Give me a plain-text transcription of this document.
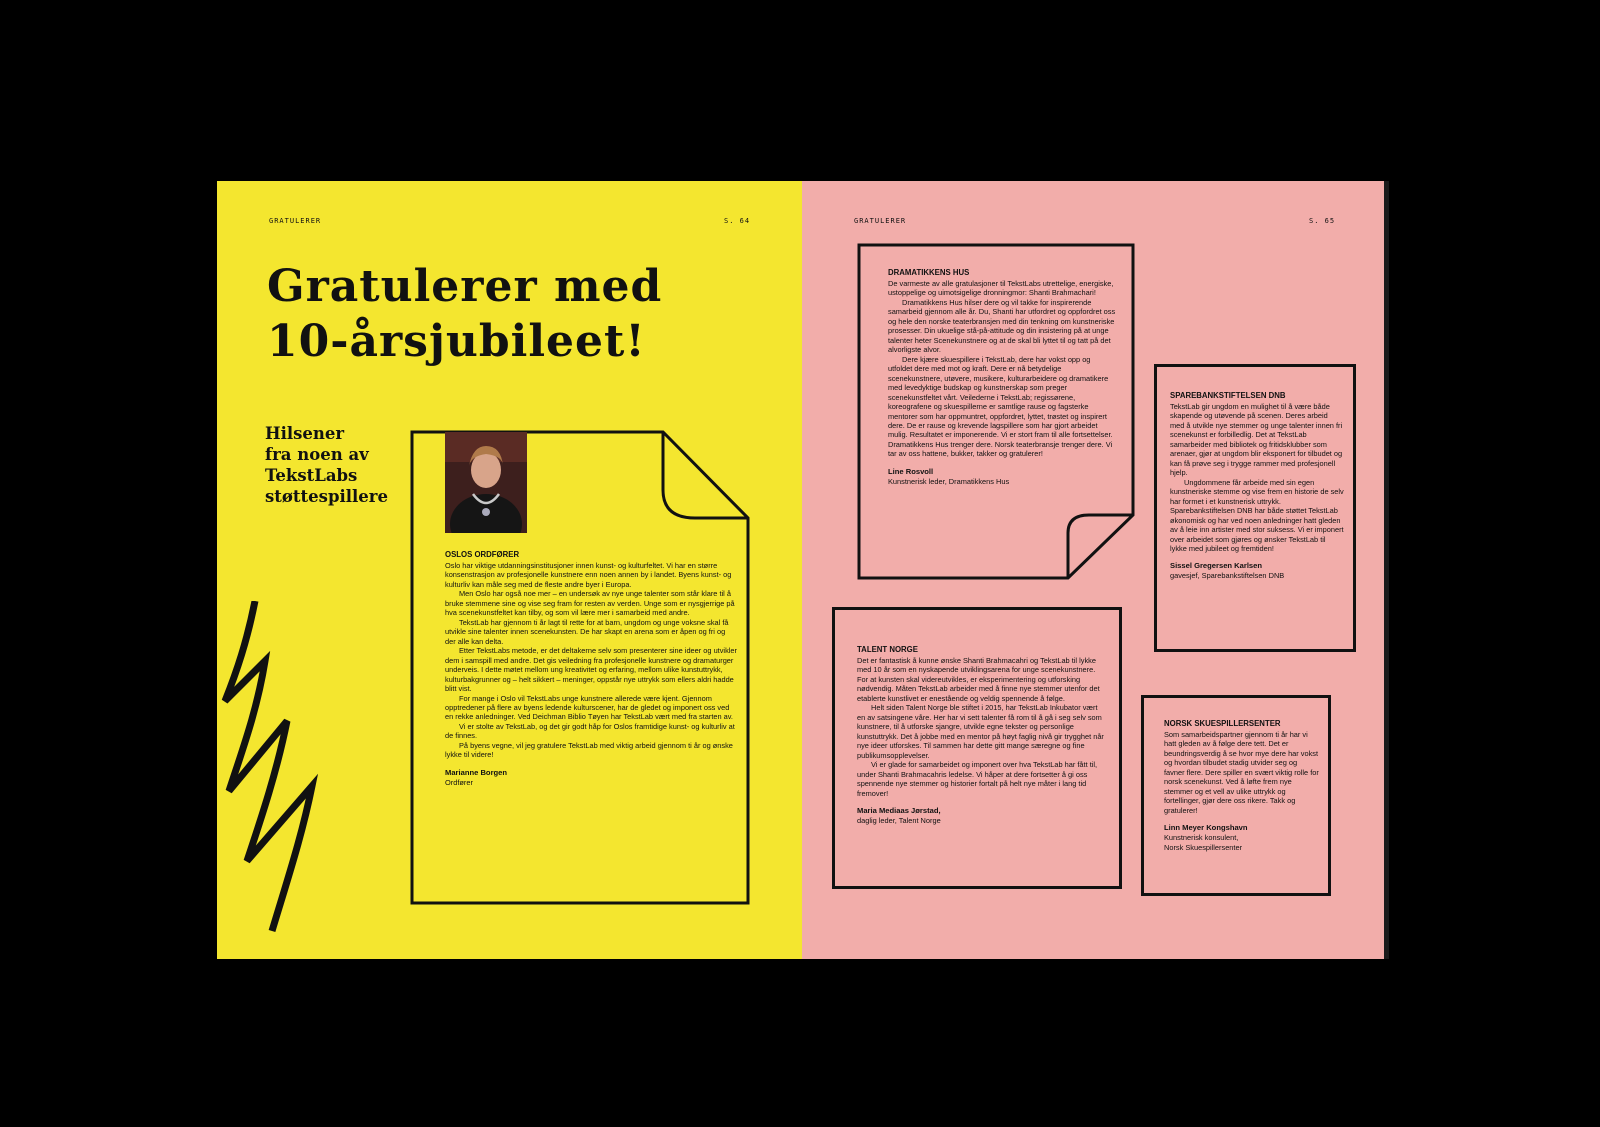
GRATULERER	S. 64
Gratulerer med
10-årsjubileet!
Hilsener
fra noen av
TekstLabs
støttespillere
OSLOS ORDFØRER

Oslo har viktige utdanningsinstitusjoner innen kunst- og kulturfeltet. Vi har en større konsenstrasjon av profesjonelle kunstnere enn noen annen by i landet. Byens kunst- og kulturliv kan måle seg med de fleste andre byer i Europa.

Men Oslo har også noe mer – en undersøk av nye unge talenter som står klare til å bruke stemmene sine og vise seg fram for resten av verden. Unge som er nysgjerrige på hva scenekunstfeltet kan tilby, og som vil lære mer i samarbeid med andre.

TekstLab har gjennom ti år lagt til rette for at barn, ungdom og unge voksne skal få utvikle sine talenter innen scenekunsten. De har skapt en arena som er åpen og fri og der alle kan delta.

Etter TekstLabs metode, er det deltakerne selv som presenterer sine ideer og utvikler dem i samspill med andre. Det gis veiledning fra profesjonelle kunstnere og dramaturger underveis. I dette møtet mellom ung kreativitet og erfaring, mellom ulike kunstuttrykk, kulturbakgrunner og – helt sikkert – meninger, oppstår nye uttrykk som ellers aldri hadde blitt vist.

For mange i Oslo vil TekstLabs unge kunstnere allerede være kjent. Gjennom opptredener på flere av byens ledende kulturscener, har de gledet og imponert oss ved en rekke anledninger. Ved Deichman Biblio Tøyen har TekstLab vært med fra starten av.

Vi er stolte av TekstLab, og det gir godt håp for Oslos framtidige kunst- og kulturliv at de finnes.

På byens vegne, vil jeg gratulere TekstLab med viktig arbeid gjennom ti år og ønske lykke til videre!

Marianne Borgen
Ordfører
GRATULERER	S. 65
DRAMATIKKENS HUS

De varmeste av alle gratulasjoner til TekstLabs utrettelige, energiske, ustoppelige og uimotsigelige dronningmor: Shanti Brahmachari!

Dramatikkens Hus hilser dere og vil takke for inspirerende samarbeid gjennom alle år. Du, Shanti har utfordret og oppfordret oss og hele den norske teaterbransjen med din tenkning om kunstneriske prosesser. Din ukuelige stå-på-attitude og din insistering på at unge talenter heter Scenekunstnere og at de skal bli lyttet til og tatt på det alvorligste alvor.

Dere kjære skuespillere i TekstLab, dere har vokst opp og utfoldet dere med mot og kraft. Dere er nå betydelige scenekunstnere, utøvere, musikere, kulturarbeidere og dramatikere med levedyktige budskap og kunstnerskap som preger scenekunstfeltet vårt. Veilederne i TekstLab; regissørene, koreografene og skuespillerne er samtlige rause og fagsterke mentorer som har oppmuntret, oppfordret, lyttet, trøstet og inspirert dere. De er rause og krevende lagspillere som har gjort arbeidet mulig. Resultatet er imponerende. Vi er stort fram til alle fortsettelser. Dramatikkens Hus trenger dere. Norsk teaterbransje trenger dere. Vi tar av oss hattene, bukker, takker og gratulerer!

Line Rosvoll
Kunstnerisk leder, Dramatikkens Hus
SPAREBANKSTIFTELSEN DNB

TekstLab gir ungdom en mulighet til å være både skapende og utøvende på scenen. Deres arbeid med å utvikle nye stemmer og unge talenter innen fri scenekunst er forbilledlig. Det at TekstLab samarbeider med bibliotek og fritidsklubber som arenaer, gjør at ungdom blir eksponert for tilbudet og kan få prøve seg i trygge rammer med profesjonell hjelp.

Ungdommene får arbeide med sin egen kunstneriske stemme og vise frem en historie de selv har formet i et kunstnerisk uttrykk. Sparebankstiftelsen DNB har både støttet TekstLab økonomisk og har ved noen anledninger hatt gleden av å leie inn artister med stor suksess. Vi er imponert over arbeidet som gjøres og ønsker TekstLab til lykke med jubileet og fremtiden!

Sissel Gregersen Karlsen
gavesjef, Sparebankstiftelsen DNB
TALENT NORGE

Det er fantastisk å kunne ønske Shanti Brahmacahri og TekstLab til lykke med 10 år som en nyskapende utviklingsarena for unge scenekunstnere. For at kunsten skal videreutvikles, er eksperimentering og utforsking nødvendig. Måten TekstLab arbeider med å finne nye stemmer utenfor det etablerte kunstlivet er enestående og veldig spennende å følge.

Helt siden Talent Norge ble stiftet i 2015, har TekstLab Inkubator vært en av satsingene våre. Her har vi sett talenter få rom til å gå i seg selv som kunstnere, til å utforske sjangre, utvikle egne tekster og personlige kunstuttrykk. Det å jobbe med en mentor på høyt faglig nivå gir trygghet når nye ideer utforskes. Til sammen har dette gitt mange særegne og fine publikumsopplevelser.

Vi er glade for samarbeidet og imponert over hva TekstLab har fått til, under Shanti Brahmacahris ledelse. Vi håper at dere fortsetter å gi oss spennende nye stemmer og historier fortalt på helt nye måter i lang tid fremover!

Maria Mediaas Jørstad,
daglig leder, Talent Norge
NORSK SKUESPILLERSENTER

Som samarbeidspartner gjennom ti år har vi hatt gleden av å følge dere tett. Det er beundringsverdig å se hvor mye dere har vokst og hvordan tilbudet stadig utvider seg og favner flere. Dere spiller en svært viktig rolle for norsk scenekunst. Ved å løfte frem nye stemmer og et vell av ulike uttrykk og fortellinger, gjør dere oss rikere. Takk og gratulerer!

Linn Meyer Kongshavn
Kunstnerisk konsulent,
Norsk Skuespillersenter
